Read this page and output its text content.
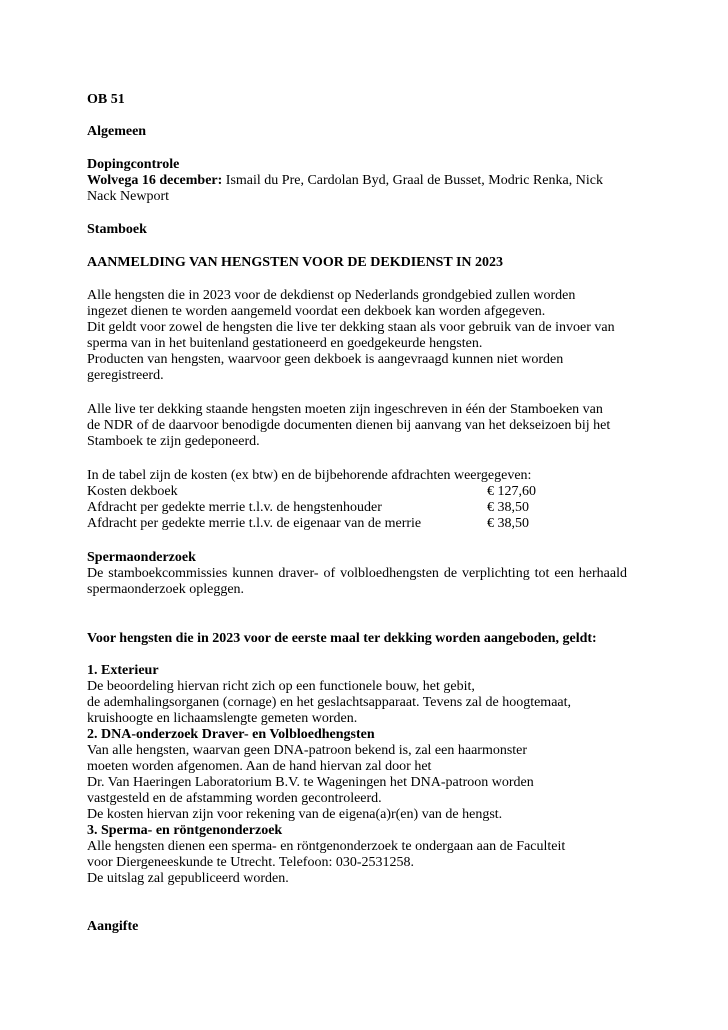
OB 51
Algemeen
Dopingcontrole
Wolvega 16 december: Ismail du Pre, Cardolan Byd, Graal de Busset, Modric Renka, Nick
Nack Newport
Stamboek
AANMELDING VAN HENGSTEN VOOR DE DEKDIENST IN 2023
Alle hengsten die in 2023 voor de dekdienst op Nederlands grondgebied zullen worden
ingezet dienen te worden aangemeld voordat een dekboek kan worden afgegeven.
Dit geldt voor zowel de hengsten die live ter dekking staan als voor gebruik van de invoer van
sperma van in het buitenland gestationeerd en goedgekeurde hengsten.
Producten van hengsten, waarvoor geen dekboek is aangevraagd kunnen niet worden
geregistreerd.
Alle live ter dekking staande hengsten moeten zijn ingeschreven in één der Stamboeken van
de NDR of de daarvoor benodigde documenten dienen bij aanvang van het dekseizoen bij het
Stamboek te zijn gedeponeerd.
In de tabel zijn de kosten (ex btw) en de bijbehorende afdrachten weergegeven:
Kosten dekboek	€ 127,60
Afdracht per gedekte merrie t.l.v. de hengstenhouder	€ 38,50
Afdracht per gedekte merrie t.l.v. de eigenaar van de merrie	€ 38,50
Spermaonderzoek
De stamboekcommissies kunnen draver- of volbloedhengsten de verplichting tot een herhaald
spermaonderzoek opleggen.
Voor hengsten die in 2023 voor de eerste maal ter dekking worden aangeboden, geldt:
1. Exterieur
De beoordeling hiervan richt zich op een functionele bouw, het gebit,
de ademhalingsorganen (cornage) en het geslachtsapparaat. Tevens zal de hoogtemaat,
kruishoogte en lichaamslengte gemeten worden.
2. DNA-onderzoek Draver- en Volbloedhengsten
Van alle hengsten, waarvan geen DNA-patroon bekend is, zal een haarmonster
moeten worden afgenomen. Aan de hand hiervan zal door het
Dr. Van Haeringen Laboratorium B.V. te Wageningen het DNA-patroon worden
vastgesteld en de afstamming worden gecontroleerd.
De kosten hiervan zijn voor rekening van de eigena(a)r(en) van de hengst.
3. Sperma- en röntgenonderzoek
Alle hengsten dienen een sperma- en röntgenonderzoek te ondergaan aan de Faculteit
voor Diergeneeskunde te Utrecht. Telefoon: 030-2531258.
De uitslag zal gepubliceerd worden.
Aangifte
